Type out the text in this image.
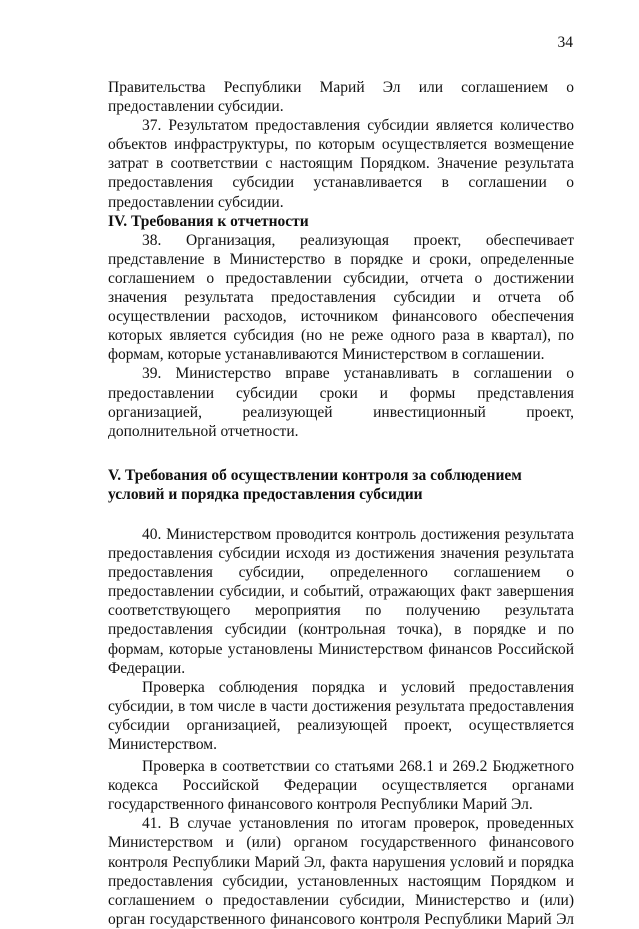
34

Правительства Республики Марий Эл или соглашением о предоставлении субсидии.

37. Результатом предоставления субсидии является количество объектов инфраструктуры, по которым осуществляется возмещение затрат в соответствии с настоящим Порядком. Значение результата предоставления субсидии устанавливается в соглашении о предоставлении субсидии.

IV. Требования к отчетности

38. Организация, реализующая проект, обеспечивает представление в Министерство в порядке и сроки, определенные соглашением о предоставлении субсидии, отчета о достижении значения результата предоставления субсидии и отчета об осуществлении расходов, источником финансового обеспечения которых является субсидия (но не реже одного раза в квартал), по формам, которые устанавливаются Министерством в соглашении.

39. Министерство вправе устанавливать в соглашении о предоставлении субсидии сроки и формы представления организацией, реализующей инвестиционный проект, дополнительной отчетности.

V. Требования об осуществлении контроля за соблюдением

условий и порядка предоставления субсидии

40. Министерством проводится контроль достижения результата предоставления субсидии исходя из достижения значения результата предоставления субсидии, определенного соглашением о предоставлении субсидии, и событий, отражающих факт завершения соответствующего мероприятия по получению результата предоставления субсидии (контрольная точка), в порядке и по формам, которые установлены Министерством финансов Российской Федерации.

Проверка соблюдения порядка и условий предоставления субсидии, в том числе в части достижения результата предоставления субсидии организацией, реализующей проект, осуществляется Министерством.

Проверка в соответствии со статьями 268.1 и 269.2 Бюджетного кодекса Российской Федерации осуществляется органами государственного финансового контроля Республики Марий Эл.

41. В случае установления по итогам проверок, проведенных Министерством и (или) органом государственного финансового контроля Республики Марий Эл, факта нарушения условий и порядка предоставления субсидии, установленных настоящим Порядком и соглашением о предоставлении субсидии, Министерство и (или) орган государственного финансового контроля Республики Марий Эл
